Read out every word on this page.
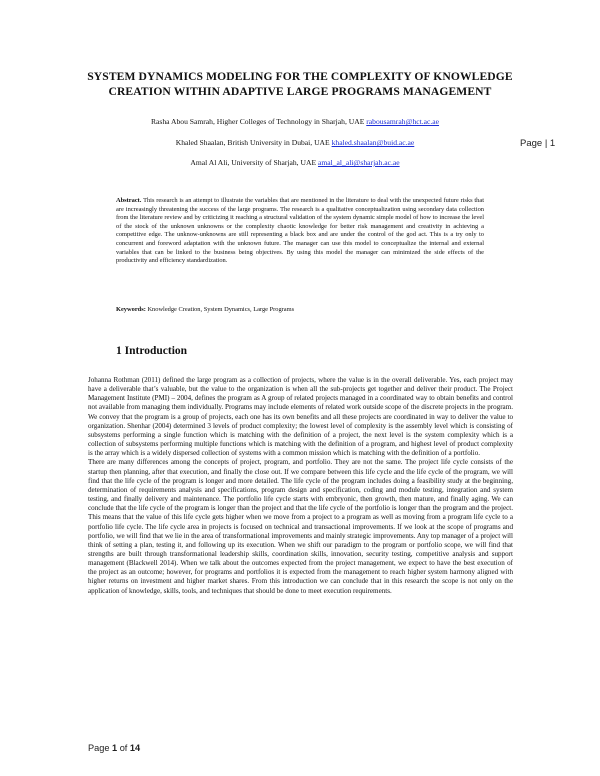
SYSTEM DYNAMICS MODELING FOR THE COMPLEXITY OF KNOWLEDGE CREATION WITHIN ADAPTIVE LARGE PROGRAMS MANAGEMENT
Rasha Abou Samrah, Higher Colleges of Technology in Sharjah, UAE rabousamrah@hct.ac.ae
Khaled Shaalan, British University in Dubai, UAE khaled.shaalan@buid.ac.ae
Amal Al Ali, University of Sharjah, UAE amal_al_ali@sharjah.ac.ae
Page | 1
Abstract. This research is an attempt to illustrate the variables that are mentioned in the literature to deal with the unexpected future risks that are increasingly threatening the success of the large programs. The research is a qualitative conceptualization using secondary data collection from the literature review and by criticizing it reaching a structural validation of the system dynamic simple model of how to increase the level of the stock of the unknown unknowns or the complexity chaotic knowledge for better risk management and creativity in achieving a competitive edge. The unknow-unknowns are still representing a black box and are under the control of the god act. This is a try only to concurrent and foreword adaptation with the unknown future. The manager can use this model to conceptualize the internal and external variables that can be linked to the business being objectives. By using this model the manager can minimized the side effects of the productivity and efficiency standardization.
Keywords: Knowledge Creation, System Dynamics, Large Programs
1 Introduction

Johanna Rothman (2011) defined the large program as a collection of projects, where the value is in the overall deliverable. Yes, each project may have a deliverable that’s valuable, but the value to the organization is when all the sub-projects get together and deliver their product. The Project Management Institute (PMI) – 2004, defines the program as A group of related projects managed in a coordinated way to obtain benefits and control not available from managing them individually. Programs may include elements of related work outside scope of the discrete projects in the program. We convey that the program is a group of projects, each one has its own benefits and all these projects are coordinated in way to deliver the value to organization. Shenhar (2004) determined 3 levels of product complexity; the lowest level of complexity is the assembly level which is consisting of subsystems performing a single function which is matching with the definition of a project, the next level is the system complexity which is a collection of subsystems performing multiple functions which is matching with the definition of a program, and highest level of product complexity is the array which is a widely dispersed collection of systems with a common mission which is matching with the definition of a portfolio.

There are many differences among the concepts of project, program, and portfolio. They are not the same. The project life cycle consists of the startup then planning, after that execution, and finally the close out. If we compare between this life cycle and the life cycle of the program, we will find that the life cycle of the program is longer and more detailed. The life cycle of the program includes doing a feasibility study at the beginning, determination of requirements analysis and specifications, program design and specification, coding and module testing, integration and system testing, and finally delivery and maintenance. The portfolio life cycle starts with embryonic, then growth, then mature, and finally aging. We can conclude that the life cycle of the program is longer than the project and that the life cycle of the portfolio is longer than the program and the project. This means that the value of this life cycle gets higher when we move from a project to a program as well as moving from a program life cycle to a portfolio life cycle. The life cycle area in projects is focused on technical and transactional improvements. If we look at the scope of programs and portfolio, we will find that we lie in the area of transformational improvements and mainly strategic improvements. Any top manager of a project will think of setting a plan, testing it, and following up its execution. When we shift our paradigm to the program or portfolio scope, we will find that strengths are built through transformational leadership skills, coordination skills, innovation, security testing, competitive analysis and support management (Blackwell 2014). When we talk about the outcomes expected from the project management, we expect to have the best execution of the project as an outcome; however, for programs and portfolios it is expected from the management to reach higher system harmony aligned with higher returns on investment and higher market shares. From this introduction we can conclude that in this research the scope is not only on the application of knowledge, skills, tools, and techniques that should be done to meet execution requirements.

Page 1 of 14
